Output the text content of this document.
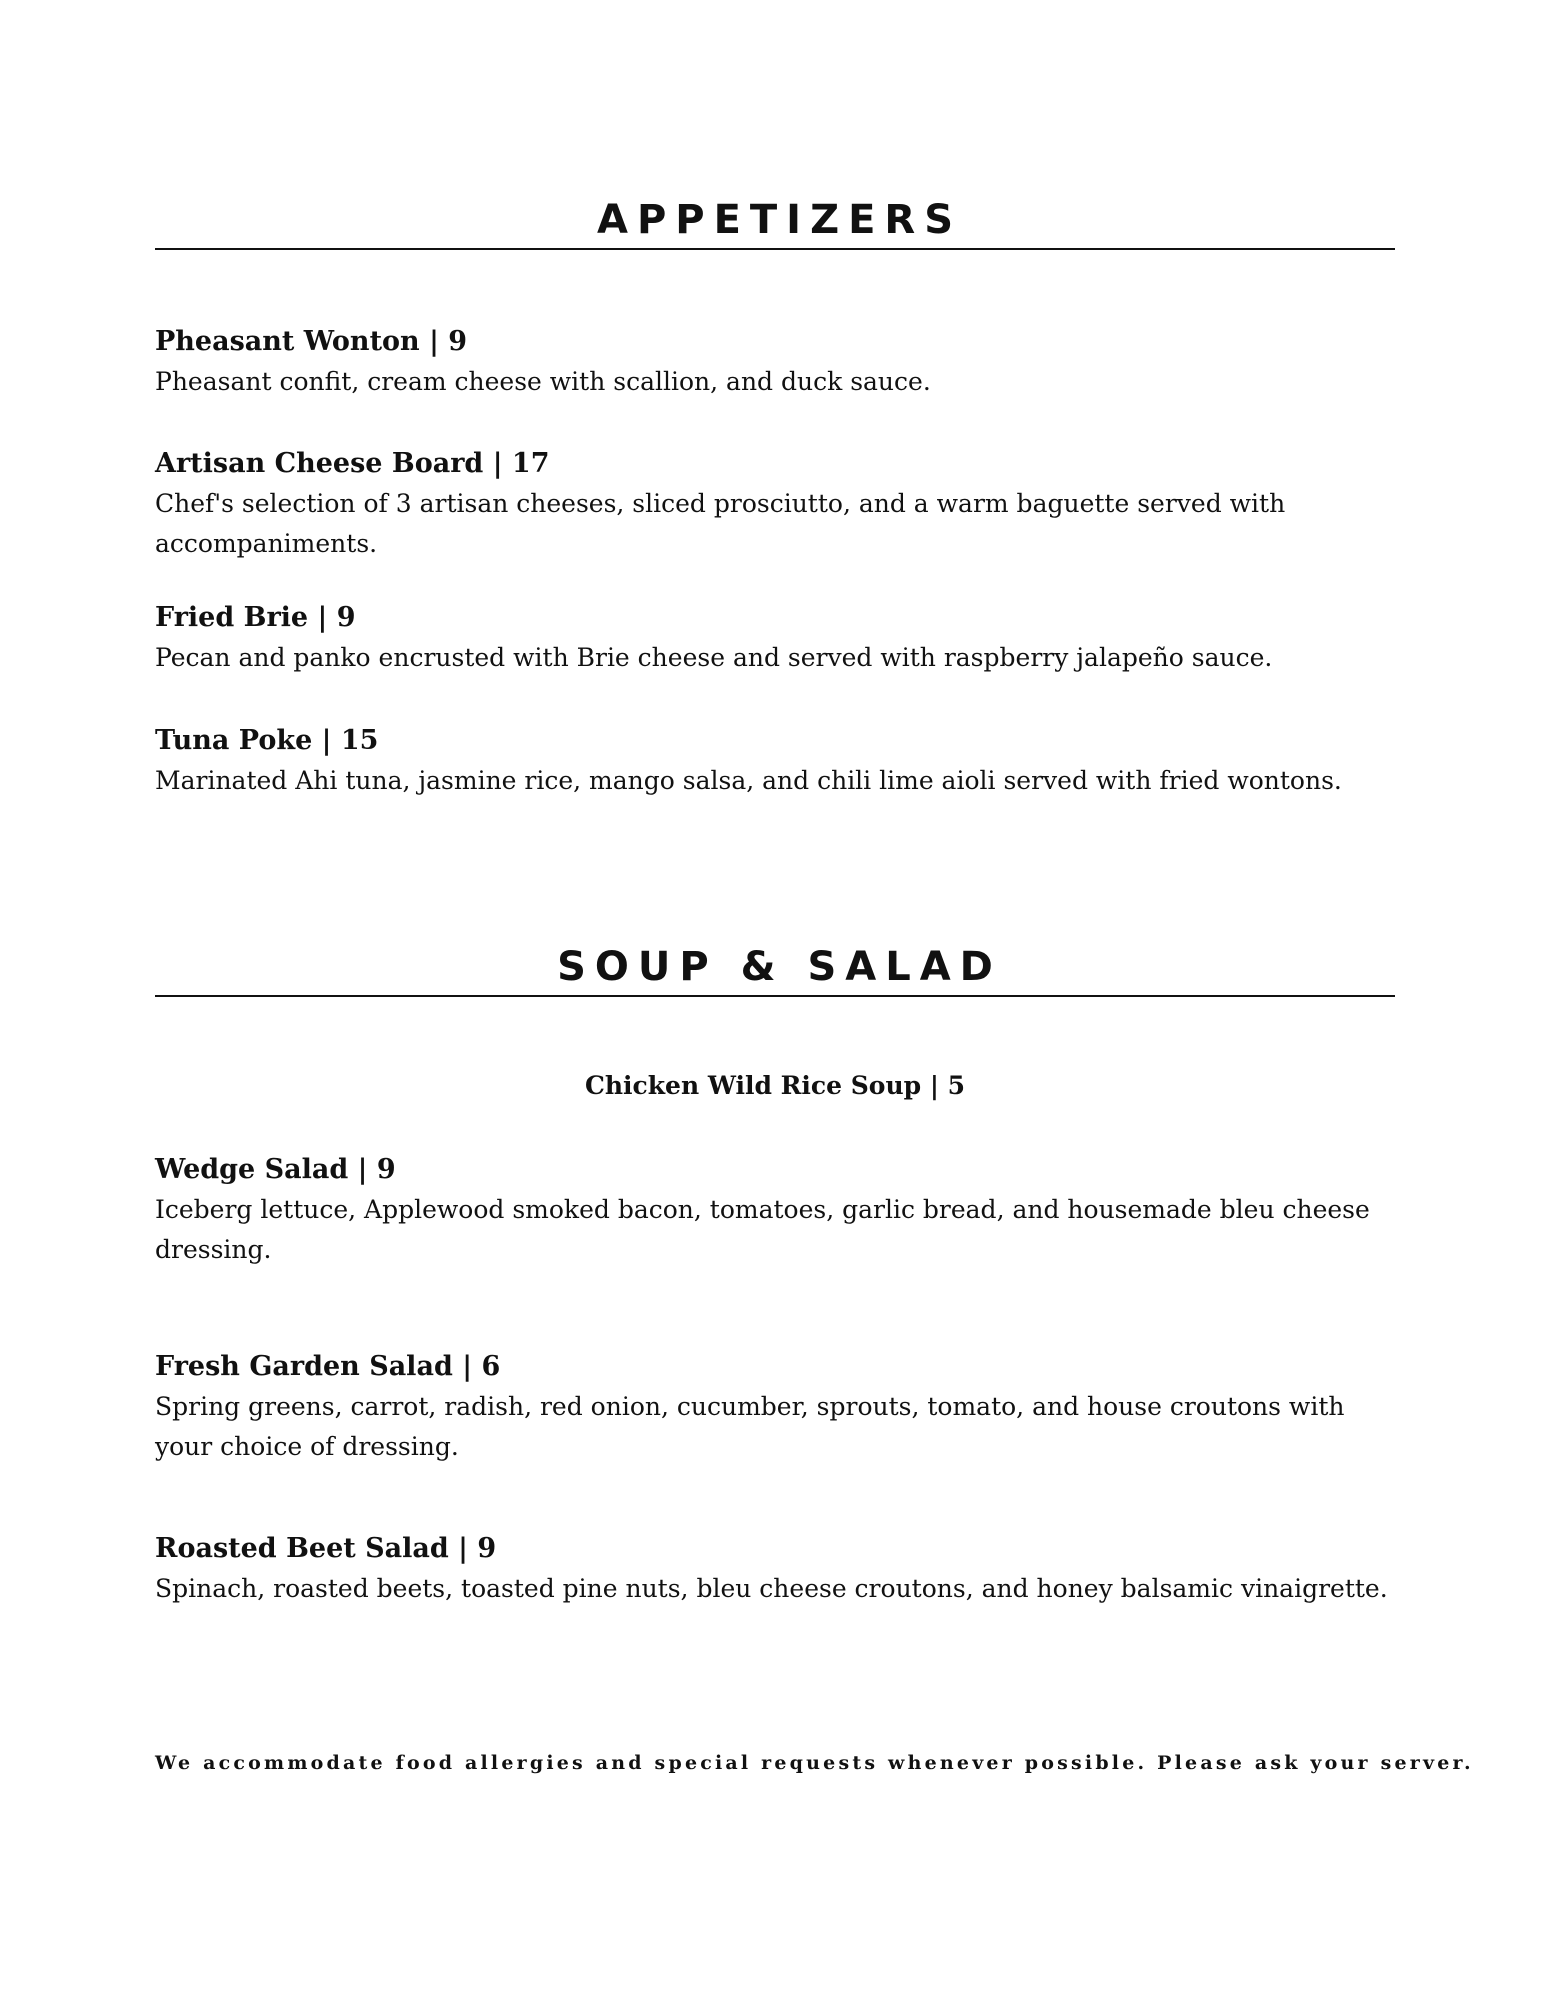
APPETIZERS
Pheasant Wonton | 9
Pheasant confit, cream cheese with scallion, and duck sauce.
Artisan Cheese Board | 17
Chef's selection of 3 artisan cheeses, sliced prosciutto, and a warm baguette served with accompaniments.
Fried Brie | 9
Pecan and panko encrusted with Brie cheese and served with raspberry jalapeño sauce.
Tuna Poke | 15
Marinated Ahi tuna, jasmine rice, mango salsa, and chili lime aioli served with fried wontons.
SOUP & SALAD
Chicken Wild Rice Soup | 5
Wedge Salad | 9
Iceberg lettuce, Applewood smoked bacon, tomatoes, garlic bread, and housemade bleu cheese dressing.
Fresh Garden Salad | 6
Spring greens, carrot, radish, red onion, cucumber, sprouts, tomato, and house croutons with your choice of dressing.
Roasted Beet Salad | 9
Spinach, roasted beets, toasted pine nuts, bleu cheese croutons, and honey balsamic vinaigrette.
We accommodate food allergies and special requests whenever possible. Please ask your server.
